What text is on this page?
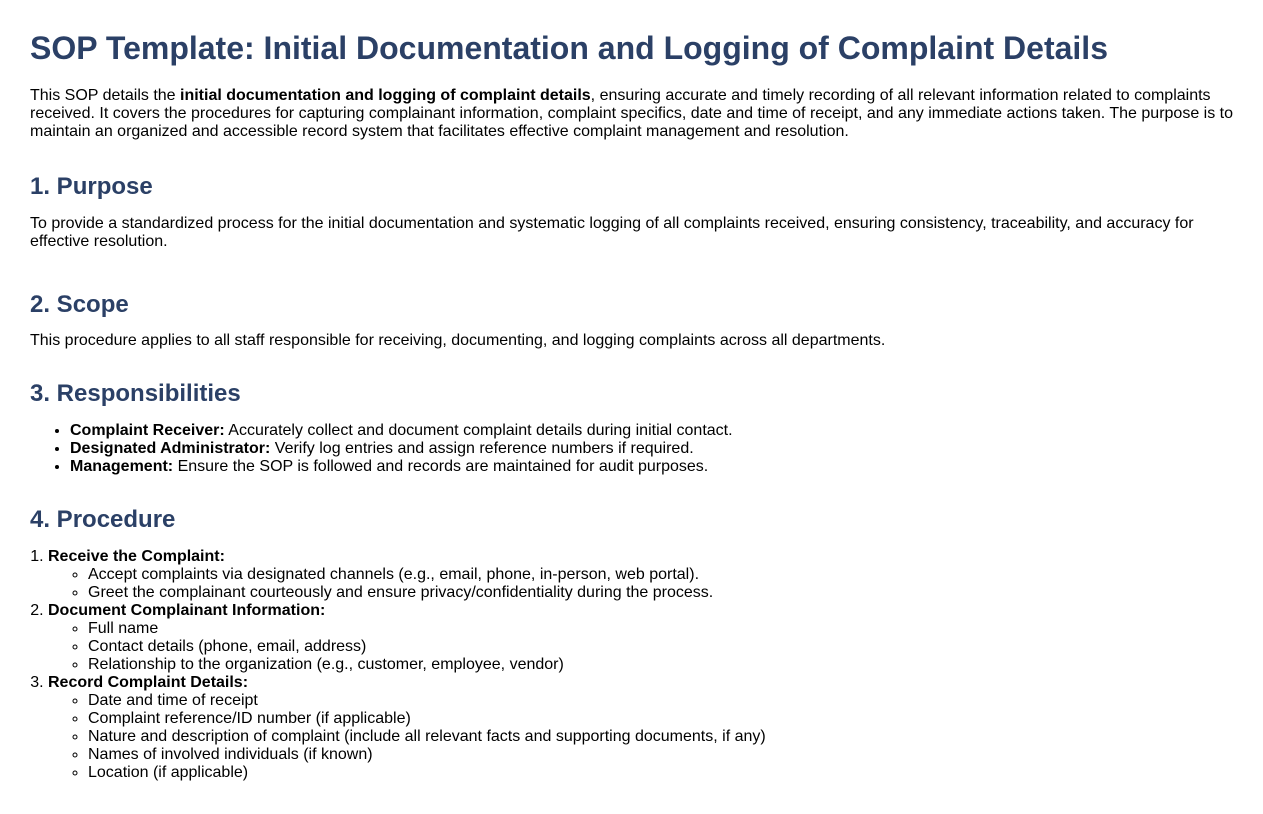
SOP Template: Initial Documentation and Logging of Complaint Details

This SOP details the initial documentation and logging of complaint details, ensuring accurate and timely recording of all relevant information related to complaints received. It covers the procedures for capturing complainant information, complaint specifics, date and time of receipt, and any immediate actions taken. The purpose is to maintain an organized and accessible record system that facilitates effective complaint management and resolution.

1. Purpose

To provide a standardized process for the initial documentation and systematic logging of all complaints received, ensuring consistency, traceability, and accuracy for effective resolution.

2. Scope

This procedure applies to all staff responsible for receiving, documenting, and logging complaints across all departments.

3. Responsibilities
• Complaint Receiver: Accurately collect and document complaint details during initial contact.
• Designated Administrator: Verify log entries and assign reference numbers if required.
• Management: Ensure the SOP is followed and records are maintained for audit purposes.
4. Procedure
1. Receive the Complaint:
◦ Accept complaints via designated channels (e.g., email, phone, in-person, web portal).
◦ Greet the complainant courteously and ensure privacy/confidentiality during the process.
2. Document Complainant Information:
◦ Full name
◦ Contact details (phone, email, address)
◦ Relationship to the organization (e.g., customer, employee, vendor)
3. Record Complaint Details:
◦ Date and time of receipt
◦ Complaint reference/ID number (if applicable)
◦ Nature and description of complaint (include all relevant facts and supporting documents, if any)
◦ Names of involved individuals (if known)
◦ Location (if applicable)
